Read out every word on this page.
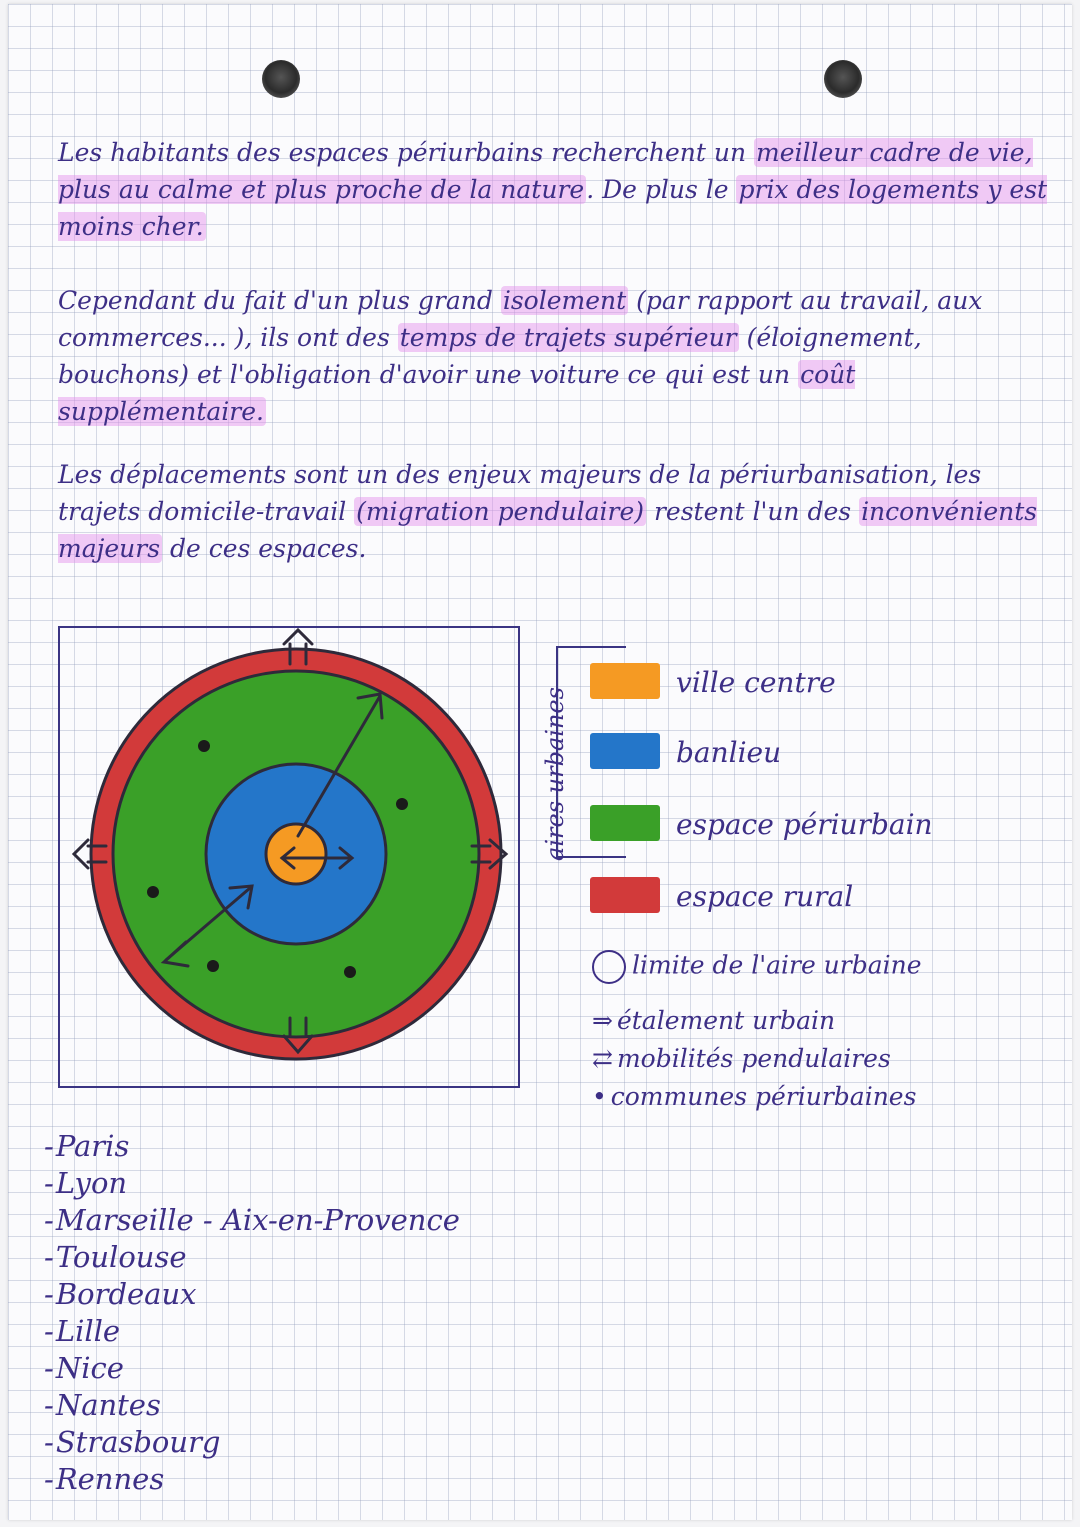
Les habitants des espaces périurbains recherchent un meilleur cadre de vie, plus au calme et plus proche de la nature. De plus le prix des logements y est moins cher.

Cependant du fait d'un plus grand isolement (par rapport au travail, aux commerces... ), ils ont des temps de trajets supérieur (éloignement, bouchons) et l'obligation d'avoir une voiture ce qui est un coût supplémentaire.

Les déplacements sont un des enjeux majeurs de la périurbanisation, les trajets domicile-travail (migration pendulaire) restent l'un des inconvénients majeurs de ces espaces.

aires urbaines
ville centre
banlieu
espace périurbain
espace rural
limite de l'aire urbaine
⇒ étalement urbain
⇄ mobilités pendulaires
• communes périurbaines
- Paris
- Lyon
- Marseille - Aix-en-Provence
- Toulouse
- Bordeaux
- Lille
- Nice
- Nantes
- Strasbourg
- Rennes
